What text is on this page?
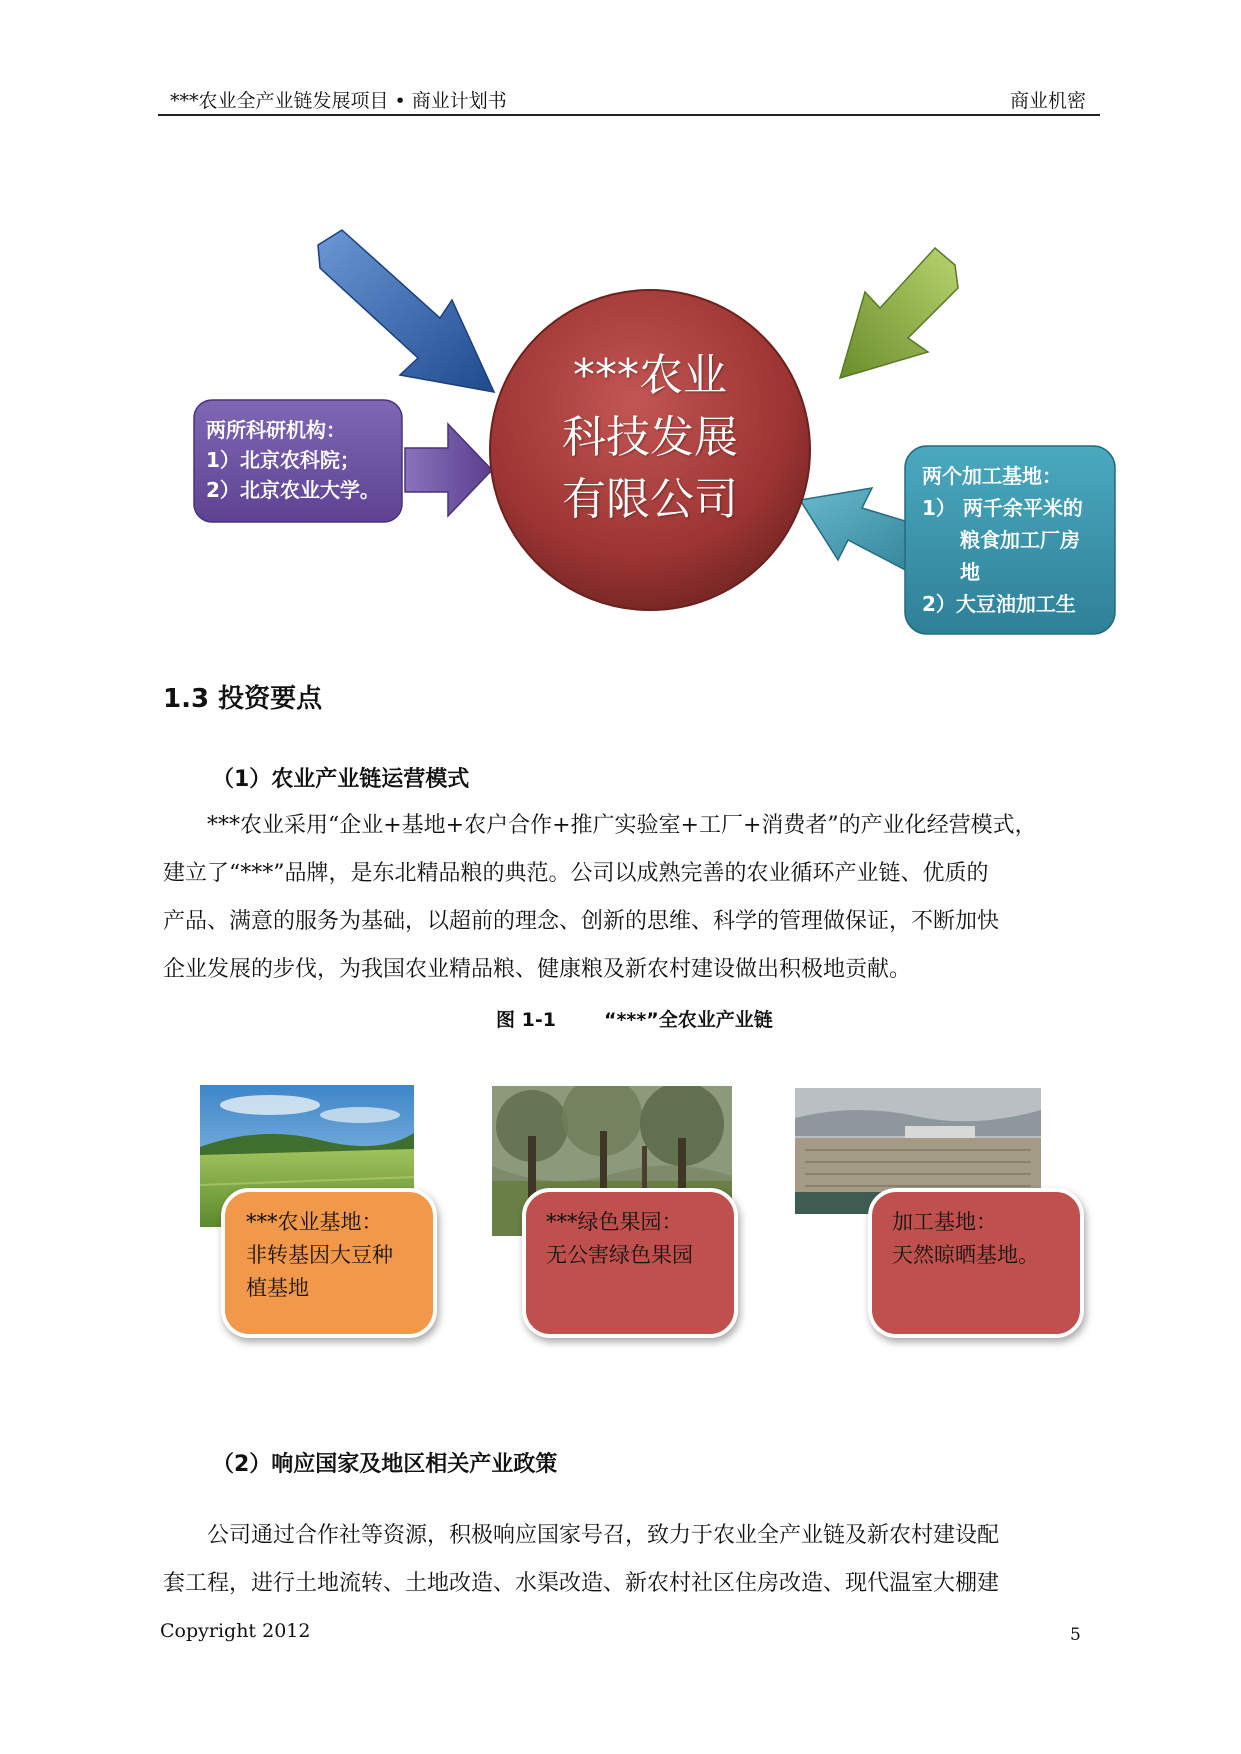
***农业全产业链发展项目 • 商业计划书	商业机密
***农业
科技发展
有限公司
两所科研机构：
1）北京农科院；
2）北京农业大学。
两个加工基地：
1） 两千余平米的
粮食加工厂房
地
2）大豆油加工生
1.3 投资要点
（1）农业产业链运营模式
***农业采用“企业+基地+农户合作+推广实验室+工厂+消费者”的产业化经营模式，
建立了“***”品牌，是东北精品粮的典范。公司以成熟完善的农业循环产业链、优质的
产品、满意的服务为基础，以超前的理念、创新的思维、科学的管理做保证，不断加快
企业发展的步伐，为我国农业精品粮、健康粮及新农村建设做出积极地贡献。
图 1-1	“***”全农业产业链
***农业基地：
非转基因大豆种
植基地
***绿色果园：
无公害绿色果园
加工基地：
天然晾晒基地。
（2）响应国家及地区相关产业政策
公司通过合作社等资源，积极响应国家号召，致力于农业全产业链及新农村建设配
套工程，进行土地流转、土地改造、水渠改造、新农村社区住房改造、现代温室大棚建
Copyright 2012	5
